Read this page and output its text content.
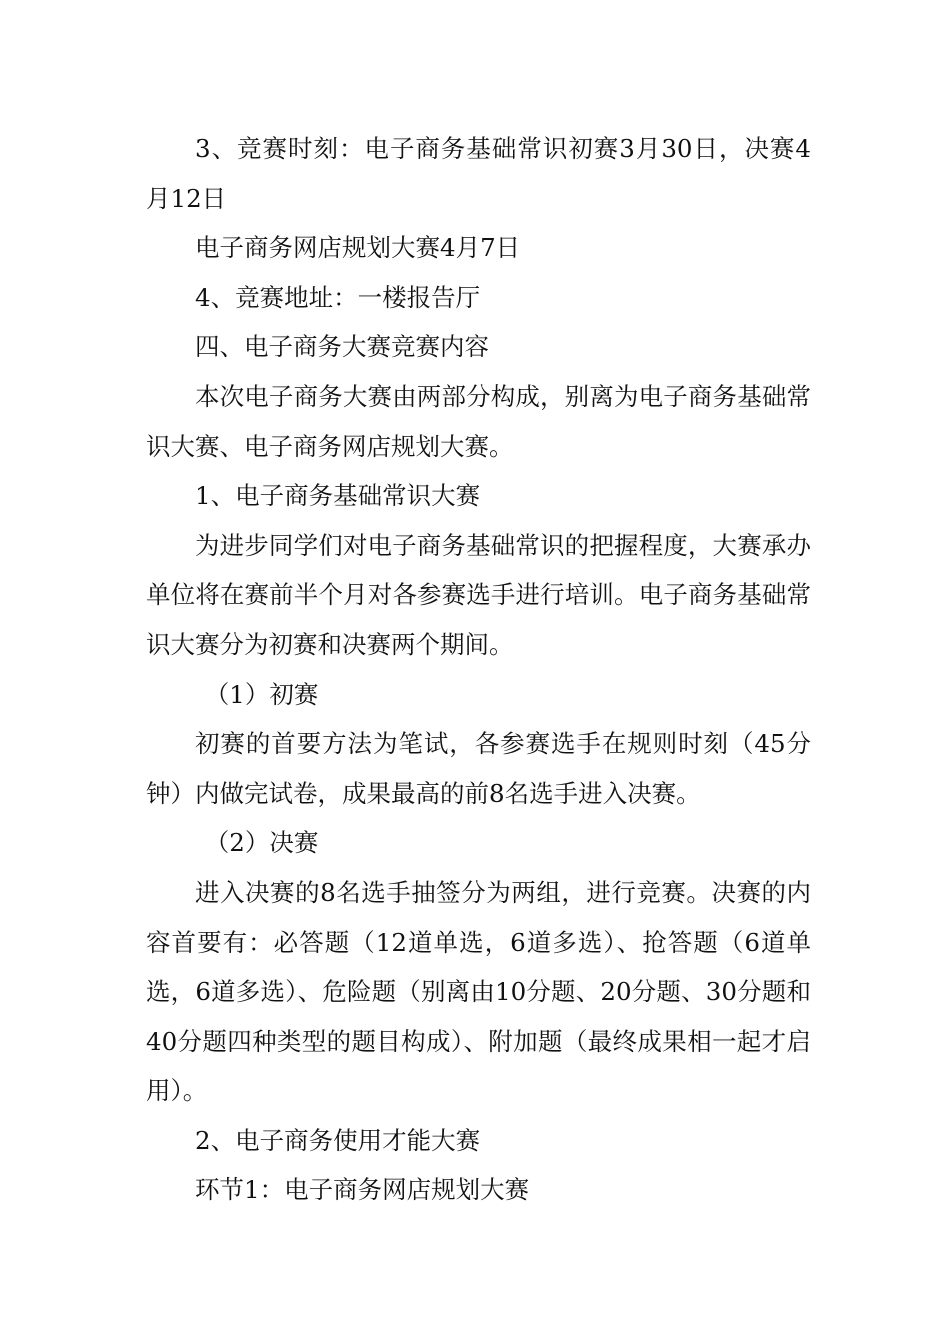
3、竞赛时刻：电子商务基础常识初赛3月30日，决赛4月12日

电子商务网店规划大赛4月7日

4、竞赛地址：一楼报告厅

四、电子商务大赛竞赛内容

本次电子商务大赛由两部分构成，别离为电子商务基础常识大赛、电子商务网店规划大赛。

1、电子商务基础常识大赛

为进步同学们对电子商务基础常识的把握程度，大赛承办单位将在赛前半个月对各参赛选手进行培训。电子商务基础常识大赛分为初赛和决赛两个期间。

（1）初赛

初赛的首要方法为笔试，各参赛选手在规则时刻（45分钟）内做完试卷，成果最高的前8名选手进入决赛。

（2）决赛

进入决赛的8名选手抽签分为两组，进行竞赛。决赛的内容首要有：必答题（12道单选，6道多选）、抢答题（6道单选，6道多选）、危险题（别离由10分题、20分题、30分题和40分题四种类型的题目构成）、附加题（最终成果相一起才启用）。

2、电子商务使用才能大赛

环节1：电子商务网店规划大赛
